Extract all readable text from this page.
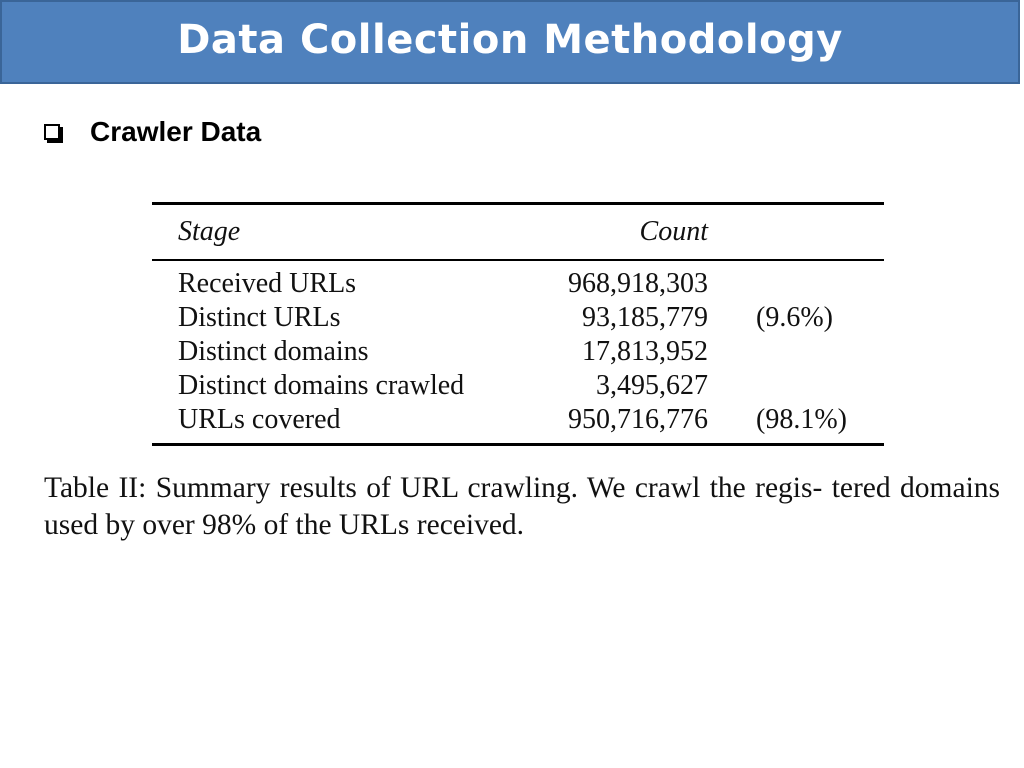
Data Collection Methodology
Crawler Data
Stage	Count
Received URLs	968,918,303
Distinct URLs	93,185,779 (9.6%)
Distinct domains	17,813,952
Distinct domains crawled	3,495,627
URLs covered	950,716,776 (98.1%)
Table II: Summary results of URL crawling. We crawl the regis- tered domains used by over 98% of the URLs received.
